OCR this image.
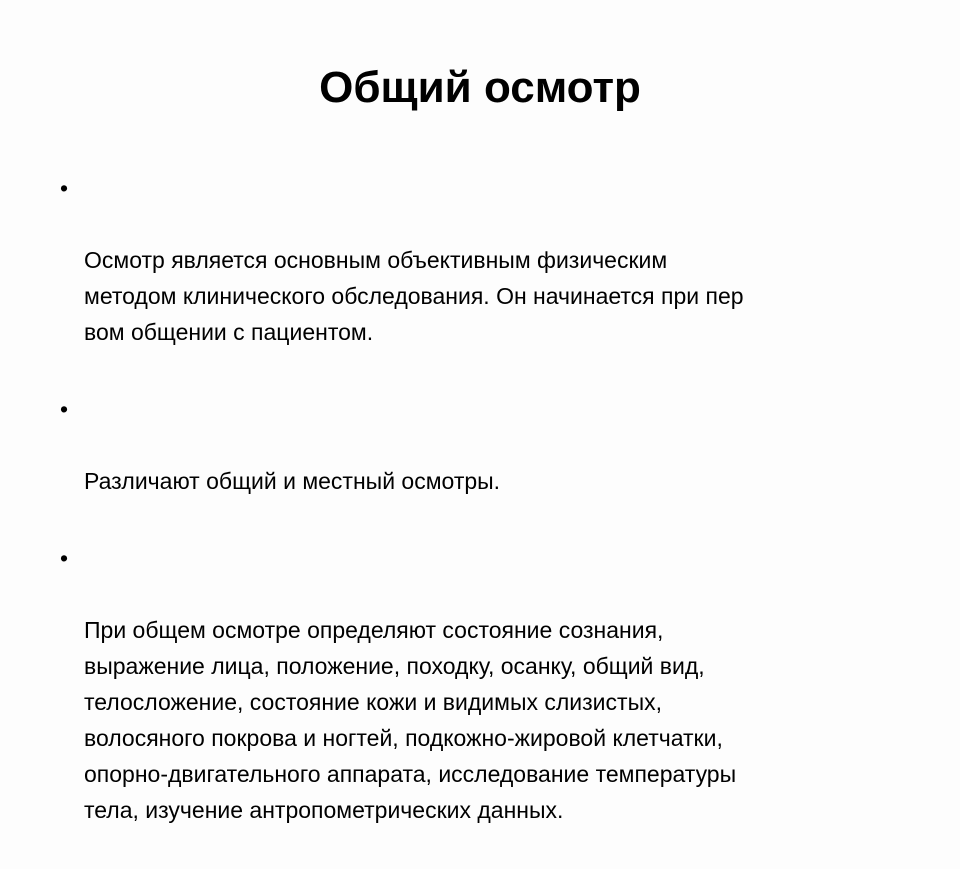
Общий осмотр

•

Осмотр является основным объективным физическим
методом клинического обследования. Он начинается при пер
вом общении с пациентом.

•

Различают общий и местный осмотры.

•

При общем осмотре определяют состояние сознания,
выражение лица, положение, походку, осанку, общий вид,
телосложение, состояние кожи и видимых слизистых,
волосяного покрова и ногтей, подкожно-жировой клетчатки,
опорно-двигательного аппарата, исследование температуры
тела, изучение антропометрических данных.
